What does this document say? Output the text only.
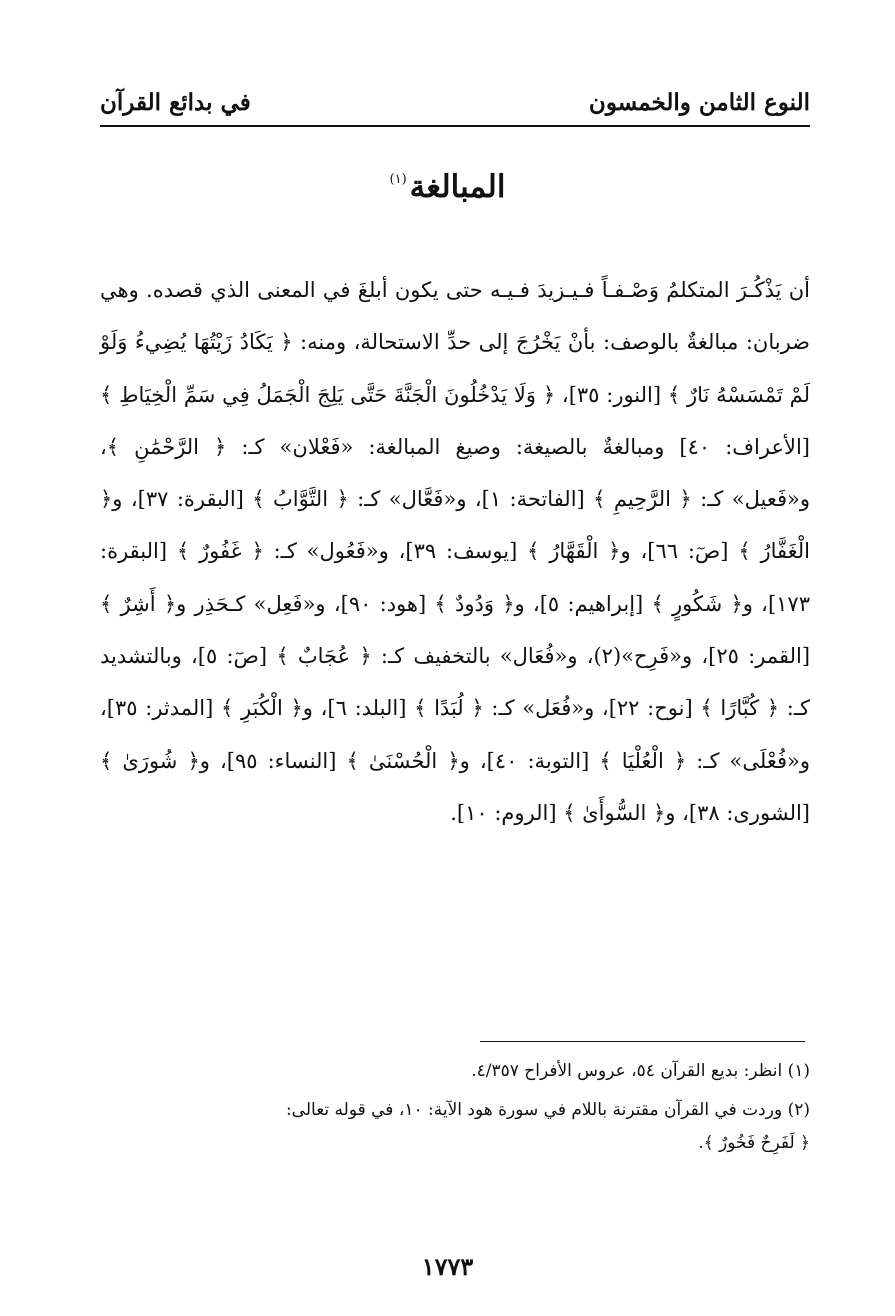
النوع الثامن والخمسون
في بدائع القرآن
المبالغة$^{(١)}$

أن يَذْكُـرَ المتكلمُ وَصْـفـاً فـيـزيدَ فـيـه حتى يكون أبلغَ في المعنى الذي قصده. وهي ضربان: مبالغةٌ بالوصف: بأنْ يَخْرُجَ إلى حدِّ الاستحالة، ومنه: ﴿ يَكَادُ زَيْتُهَا يُضِيءُ وَلَوْ لَمْ تَمْسَسْهُ نَارٌ ﴾ [النور: ٣٥]، ﴿ وَلَا يَدْخُلُونَ الْجَنَّةَ حَتَّى يَلِجَ الْجَمَلُ فِي سَمِّ الْخِيَاطِ ﴾ [الأعراف: ٤٠] ومبالغةٌ بالصيغة: وصيغ المبالغة: «فَعْلان» كـ: ﴿ الرَّحْمَٰنِ ﴾، و«فَعيل» كـ: ﴿ الرَّحِيمِ ﴾ [الفاتحة: ١]، و«فَعَّال» كـ: ﴿ التَّوَّابُ ﴾ [البقرة: ٣٧]، و﴿ الْغَفَّارُ ﴾ [صٓ: ٦٦]، و﴿ الْقَهَّارُ ﴾ [يوسف: ٣٩]، و«فَعُول» كـ: ﴿ غَفُورٌ ﴾ [البقرة: ١٧٣]، و﴿ شَكُورٍ ﴾ [إبراهيم: ٥]، و﴿ وَدُودٌ ﴾ [هود: ٩٠]، و«فَعِل» كـحَذِر و﴿ أَشِرٌ ﴾ [القمر: ٢٥]، و«فَرِح»(٢)، و«فُعَال» بالتخفيف كـ: ﴿ عُجَابٌ ﴾ [صٓ: ٥]، وبالتشديد كـ: ﴿ كُبَّارًا ﴾ [نوح: ٢٢]، و«فُعَل» كـ: ﴿ لُبَدًا ﴾ [البلد: ٦]، و﴿ الْكُبَرِ ﴾ [المدثر: ٣٥]، و«فُعْلَى» كـ: ﴿ الْعُلْيَا ﴾ [التوبة: ٤٠]، و﴿ الْحُسْنَىٰ ﴾ [النساء: ٩٥]، و﴿ شُورَىٰ ﴾ [الشورى: ٣٨]، و﴿ السُّوأَىٰ ﴾ [الروم: ١٠].

(١) انظر: بديع القرآن ٥٤، عروس الأفراح ٤/٣٥٧.

(٢) وردت في القرآن مقترنة باللام في سورة هود الآية: ١٠، في قوله تعالى:
﴿ لَفَرِحٌ فَخُورٌ ﴾.

١٧٧٣
